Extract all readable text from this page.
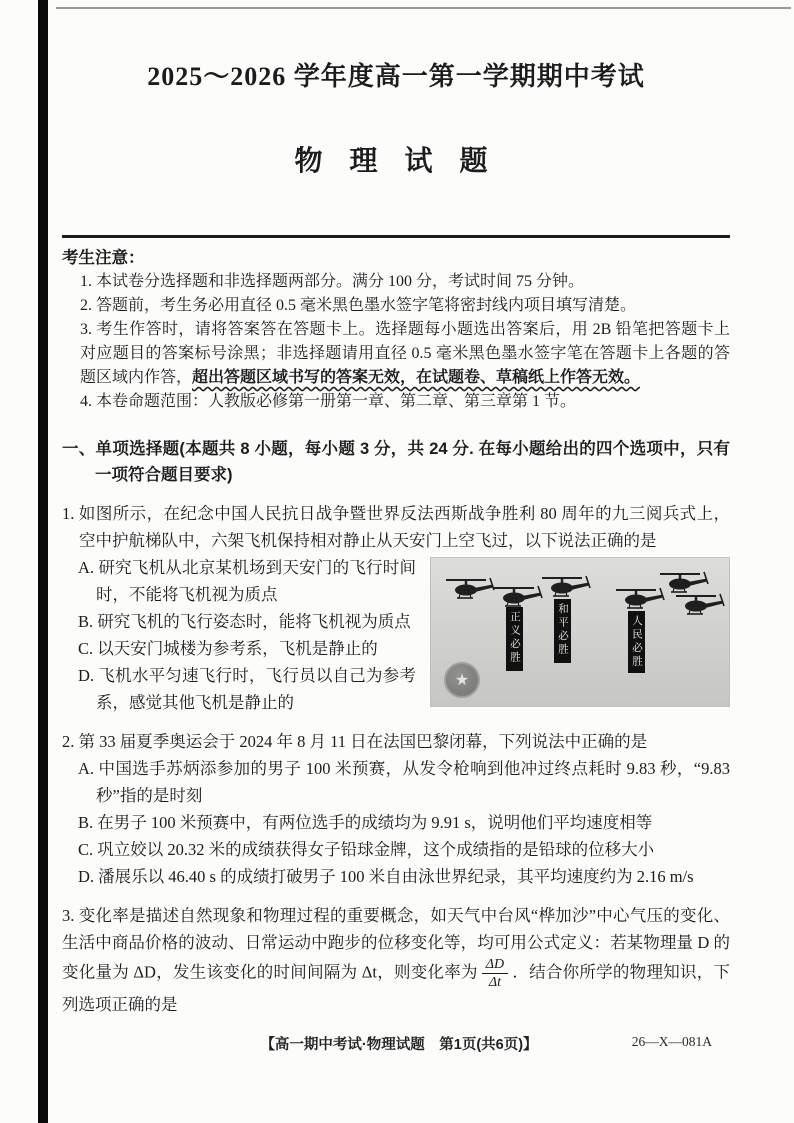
2025～2026 学年度高一第一学期期中考试
物 理 试 题
考生注意：
1. 本试卷分选择题和非选择题两部分。满分 100 分，考试时间 75 分钟。
2. 答题前，考生务必用直径 0.5 毫米黑色墨水签字笔将密封线内项目填写清楚。
3. 考生作答时，请将答案答在答题卡上。选择题每小题选出答案后，用 2B 铅笔把答题卡上对应题目的答案标号涂黑；非选择题请用直径 0.5 毫米黑色墨水签字笔在答题卡上各题的答题区域内作答，超出答题区域书写的答案无效，在试题卷、草稿纸上作答无效。
4. 本卷命题范围：人教版必修第一册第一章、第二章、第三章第 1 节。
一、单项选择题(本题共 8 小题，每小题 3 分，共 24 分. 在每小题给出的四个选项中，只有一项符合题目要求)
1. 如图所示，在纪念中国人民抗日战争暨世界反法西斯战争胜利 80 周年的九三阅兵式上，空中护航梯队中，六架飞机保持相对静止从天安门上空飞过，以下说法正确的是
正义必胜	和平必胜	人民必胜
★
A. 研究飞机从北京某机场到天安门的飞行时间时，不能将飞机视为质点
B. 研究飞机的飞行姿态时，能将飞机视为质点
C. 以天安门城楼为参考系，飞机是静止的
D. 飞机水平匀速飞行时，飞行员以自己为参考系，感觉其他飞机是静止的
2. 第 33 届夏季奥运会于 2024 年 8 月 11 日在法国巴黎闭幕，下列说法中正确的是
A. 中国选手苏炳添参加的男子 100 米预赛，从发令枪响到他冲过终点耗时 9.83 秒，“9.83 秒”指的是时刻
B. 在男子 100 米预赛中，有两位选手的成绩均为 9.91 s，说明他们平均速度相等
C. 巩立姣以 20.32 米的成绩获得女子铅球金牌，这个成绩指的是铅球的位移大小
D. 潘展乐以 46.40 s 的成绩打破男子 100 米自由泳世界纪录，其平均速度约为 2.16 m/s
3. 变化率是描述自然现象和物理过程的重要概念，如天气中台风“桦加沙”中心气压的变化、生活中商品价格的波动、日常运动中跑步的位移变化等，均可用公式定义：若某物理量 D 的变化量为 ΔD，发生该变化的时间间隔为 Δt，则变化率为 $\frac{\Delta D}{\Delta t}$ ．结合你所学的物理知识，下列选项正确的是
【高一期中考试·物理试题　第1页(共6页)】	26—X—081A
